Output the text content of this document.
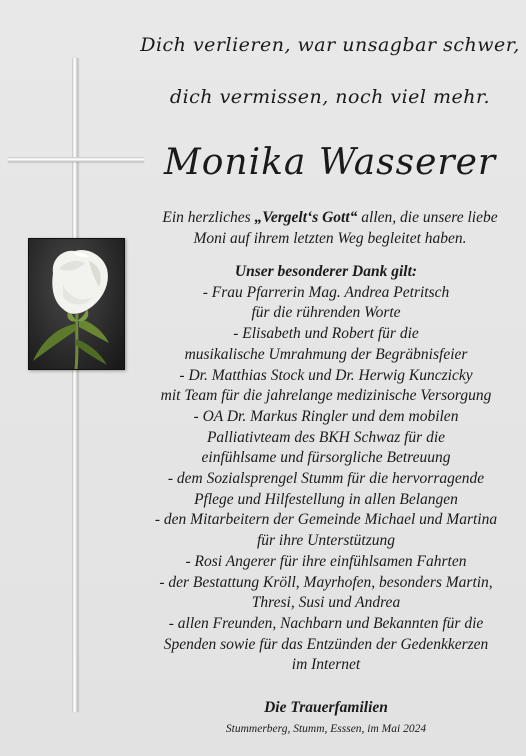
Dich verlieren, war unsagbar schwer,
dich vermissen, noch viel mehr.
Monika Wasserer
Ein herzliches „Vergelt‘s Gott“ allen, die unsere liebe
Moni auf ihrem letzten Weg begleitet haben.
Unser besonderer Dank gilt:
- Frau Pfarrerin Mag. Andrea Petritsch
für die rührenden Worte
- Elisabeth und Robert für die
musikalische Umrahmung der Begräbnisfeier
- Dr. Matthias Stock und Dr. Herwig Kunczicky
mit Team für die jahrelange medizinische Versorgung
- OA Dr. Markus Ringler und dem mobilen
Palliativteam des BKH Schwaz für die
einfühlsame und fürsorgliche Betreuung
- dem Sozialsprengel Stumm für die hervorragende
Pflege und Hilfestellung in allen Belangen
- den Mitarbeitern der Gemeinde Michael und Martina
für ihre Unterstützung
- Rosi Angerer für ihre einfühlsamen Fahrten
- der Bestattung Kröll, Mayrhofen, besonders Martin,
Thresi, Susi und Andrea
- allen Freunden, Nachbarn und Bekannten für die
Spenden sowie für das Entzünden der Gedenkkerzen
im Internet
Die Trauerfamilien
Stummerberg, Stumm, Esssen, im Mai 2024
